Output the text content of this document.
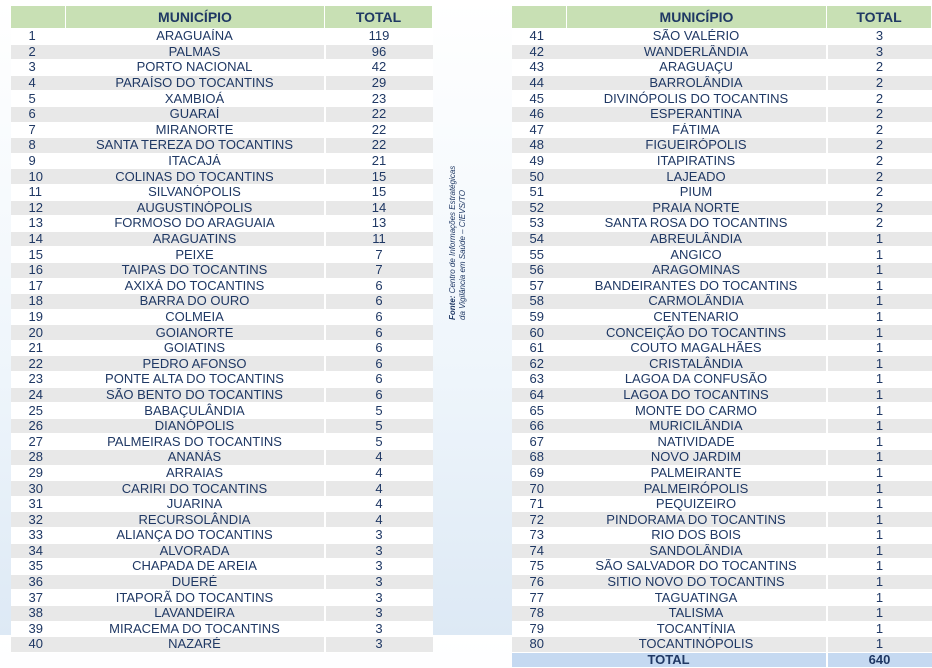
	MUNICÍPIO	TOTAL
1	ARAGUAÍNA	119
2	PALMAS	96
3	PORTO NACIONAL	42
4	PARAÍSO DO TOCANTINS	29
5	XAMBIOÁ	23
6	GUARAÍ	22
7	MIRANORTE	22
8	SANTA TEREZA DO TOCANTINS	22
9	ITACAJÁ	21
10	COLINAS DO TOCANTINS	15
11	SILVANÓPOLIS	15
12	AUGUSTINÓPOLIS	14
13	FORMOSO DO ARAGUAIA	13
14	ARAGUATINS	11
15	PEIXE	7
16	TAIPAS DO TOCANTINS	7
17	AXIXÁ DO TOCANTINS	6
18	BARRA DO OURO	6
19	COLMEIA	6
20	GOIANORTE	6
21	GOIATINS	6
22	PEDRO AFONSO	6
23	PONTE ALTA DO TOCANTINS	6
24	SÃO BENTO DO TOCANTINS	6
25	BABAÇULÂNDIA	5
26	DIANÓPOLIS	5
27	PALMEIRAS DO TOCANTINS	5
28	ANANÁS	4
29	ARRAIAS	4
30	CARIRI DO TOCANTINS	4
31	JUARINA	4
32	RECURSOLÂNDIA	4
33	ALIANÇA DO TOCANTINS	3
34	ALVORADA	3
35	CHAPADA DE AREIA	3
36	DUERÉ	3
37	ITAPORÃ DO TOCANTINS	3
38	LAVANDEIRA	3
39	MIRACEMA DO TOCANTINS	3
40	NAZARÉ	3
Fonte: Centro de Informações Estratégicas
da Vigilância em Saúde – CIEVS/TO
	MUNICÍPIO	TOTAL
41	SÃO VALÉRIO	3
42	WANDERLÂNDIA	3
43	ARAGUAÇU	2
44	BARROLÂNDIA	2
45	DIVINÓPOLIS DO TOCANTINS	2
46	ESPERANTINA	2
47	FÁTIMA	2
48	FIGUEIRÓPOLIS	2
49	ITAPIRATINS	2
50	LAJEADO	2
51	PIUM	2
52	PRAIA NORTE	2
53	SANTA ROSA DO TOCANTINS	2
54	ABREULÂNDIA	1
55	ANGICO	1
56	ARAGOMINAS	1
57	BANDEIRANTES DO TOCANTINS	1
58	CARMOLÂNDIA	1
59	CENTENARIO	1
60	CONCEIÇÃO DO TOCANTINS	1
61	COUTO MAGALHÃES	1
62	CRISTALÂNDIA	1
63	LAGOA DA CONFUSÃO	1
64	LAGOA DO TOCANTINS	1
65	MONTE DO CARMO	1
66	MURICILÂNDIA	1
67	NATIVIDADE	1
68	NOVO JARDIM	1
69	PALMEIRANTE	1
70	PALMEIRÓPOLIS	1
71	PEQUIZEIRO	1
72	PINDORAMA DO TOCANTINS	1
73	RIO DOS BOIS	1
74	SANDOLÂNDIA	1
75	SÃO SALVADOR DO TOCANTINS	1
76	SITIO NOVO DO TOCANTINS	1
77	TAGUATINGA	1
78	TALISMA	1
79	TOCANTÍNIA	1
80	TOCANTINÓPOLIS	1
TOTAL		640
